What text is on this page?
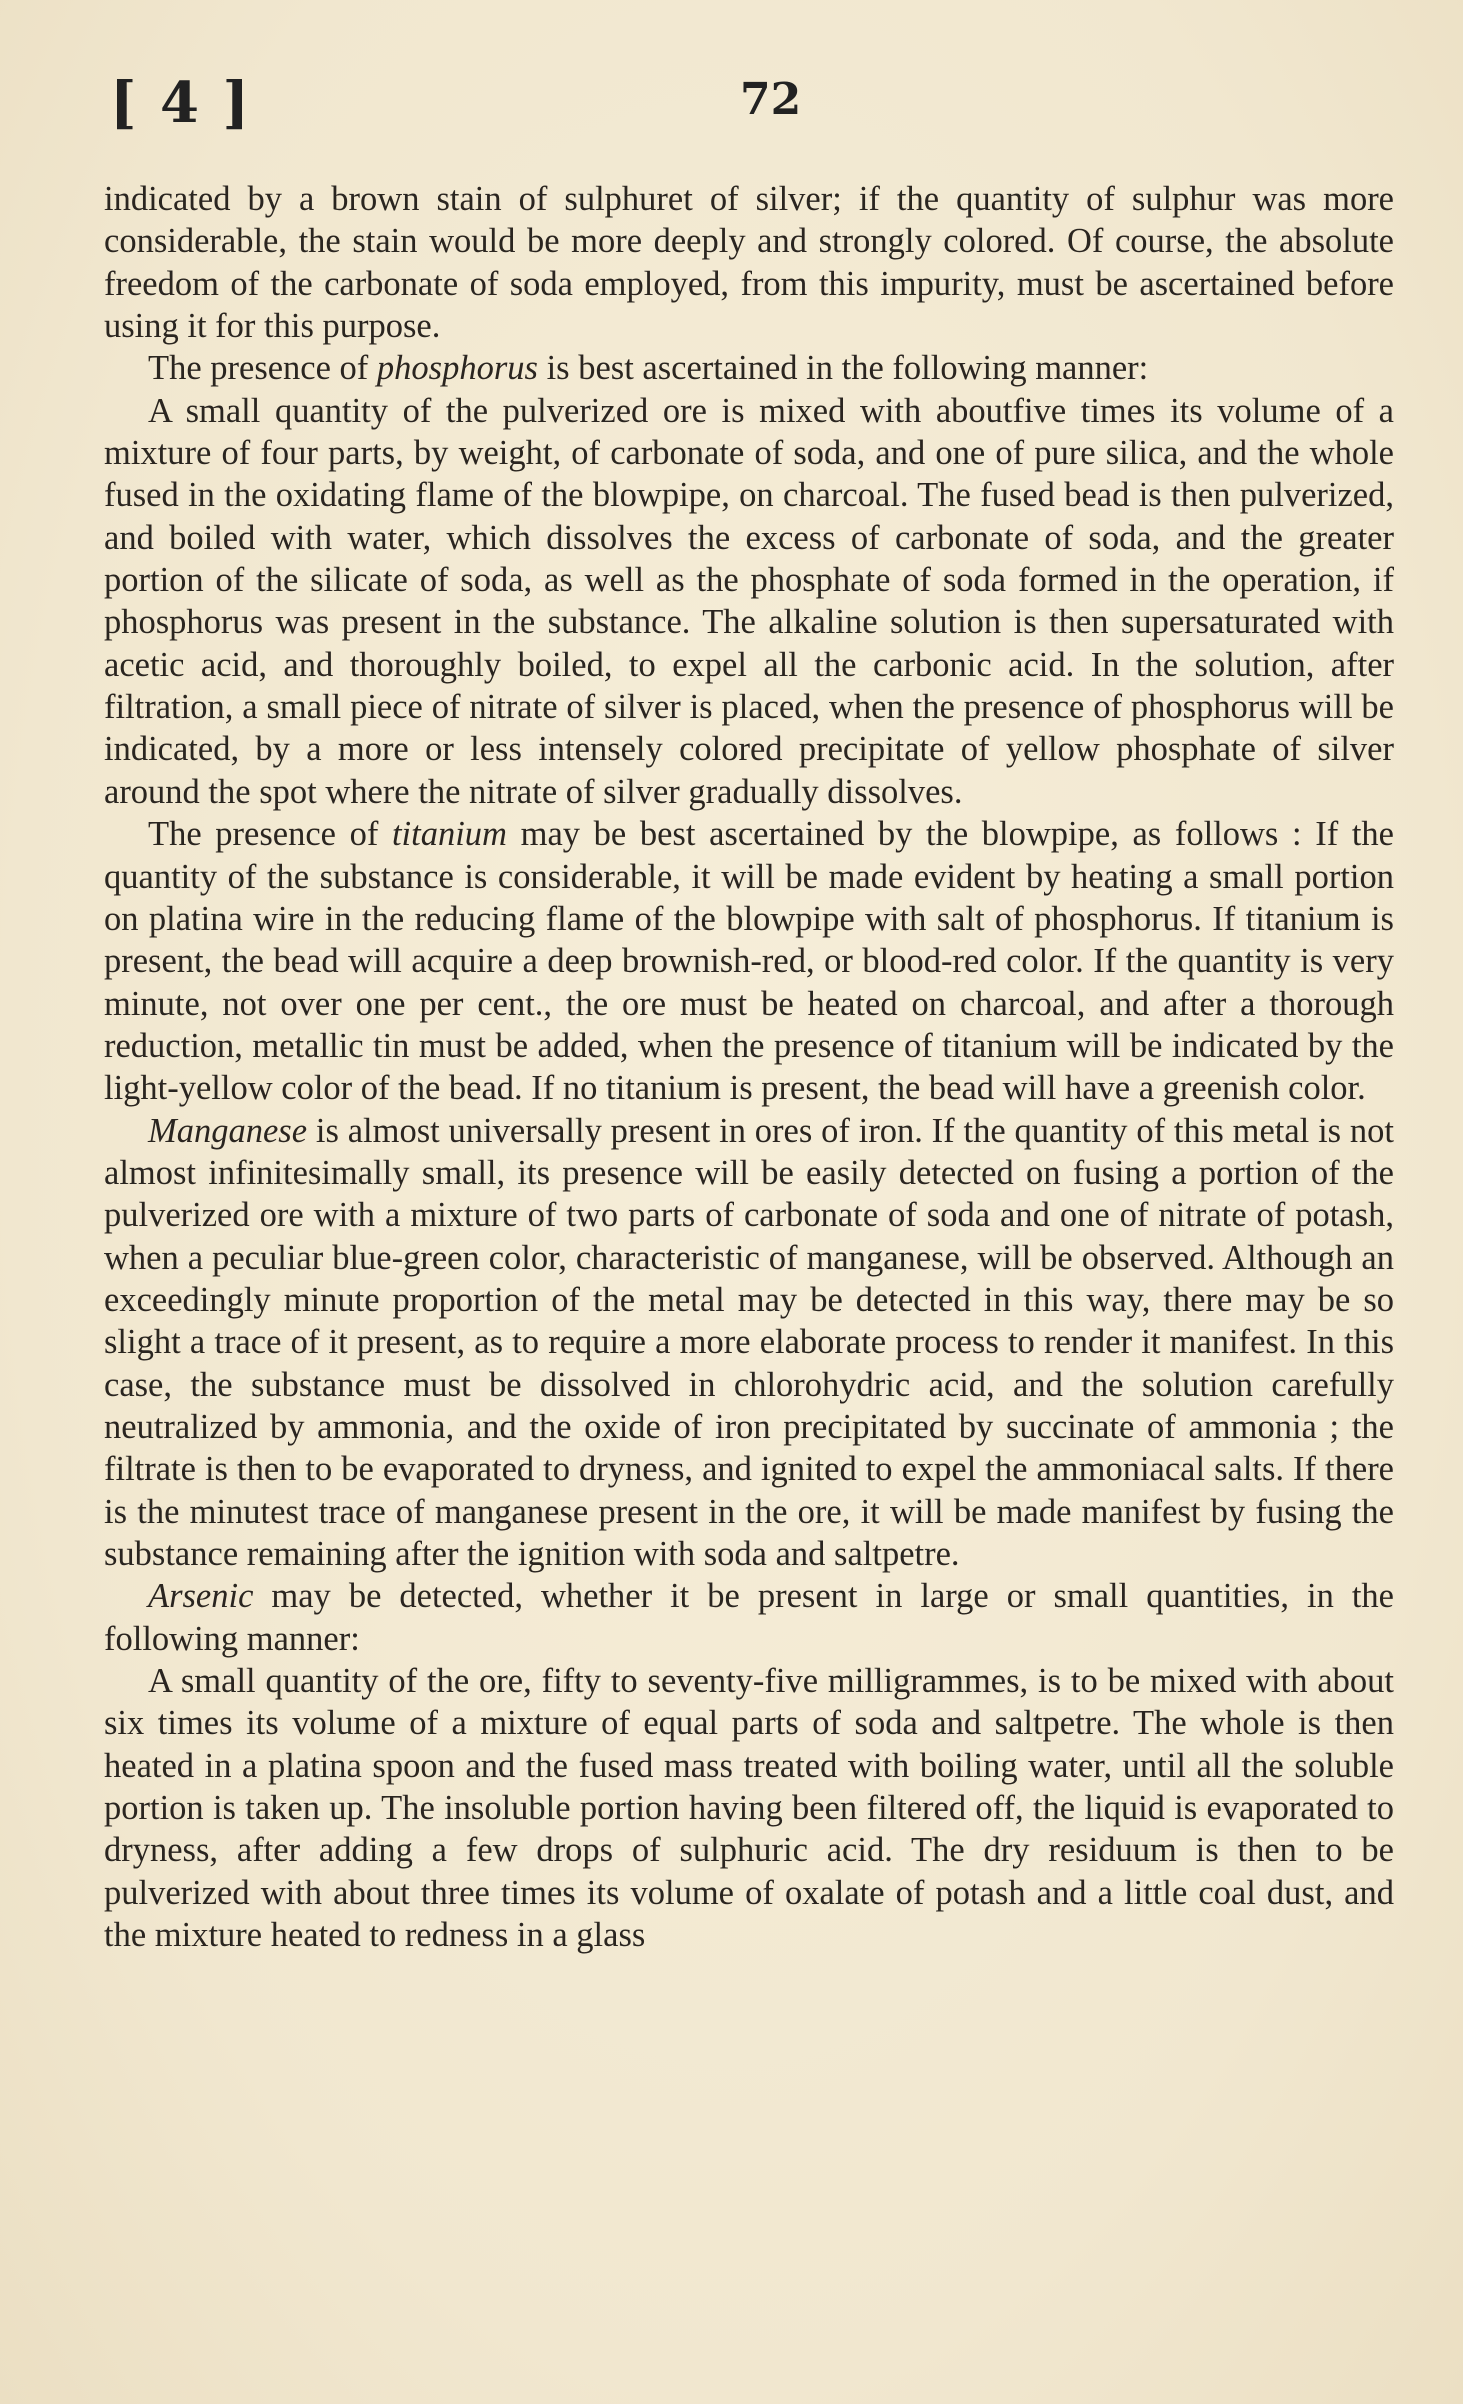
[ 4 ]	72

indicated by a brown stain of sulphuret of silver; if the quantity of sulphur was more considerable, the stain would be more deeply and strongly colored. Of course, the absolute freedom of the carbonate of soda employed, from this impurity, must be ascertained before using it for this purpose.

The presence of phosphorus is best ascertained in the following manner:

A small quantity of the pulverized ore is mixed with aboutfive times its volume of a mixture of four parts, by weight, of carbonate of soda, and one of pure silica, and the whole fused in the oxidating flame of the blowpipe, on charcoal. The fused bead is then pulverized, and boiled with water, which dissolves the excess of carbonate of soda, and the greater portion of the silicate of soda, as well as the phosphate of soda formed in the operation, if phosphorus was present in the substance. The alkaline solution is then supersaturated with acetic acid, and thoroughly boiled, to expel all the carbonic acid. In the solution, after filtration, a small piece of nitrate of silver is placed, when the presence of phosphorus will be indicated, by a more or less intensely colored precipitate of yellow phosphate of silver around the spot where the nitrate of silver gradually dissolves.

The presence of titanium may be best ascertained by the blowpipe, as follows : If the quantity of the substance is considerable, it will be made evident by heating a small portion on platina wire in the reducing flame of the blowpipe with salt of phosphorus. If titanium is present, the bead will acquire a deep brownish-red, or blood-red color. If the quantity is very minute, not over one per cent., the ore must be heated on charcoal, and after a thorough reduction, metallic tin must be added, when the presence of titanium will be indicated by the light-yellow color of the bead. If no titanium is present, the bead will have a greenish color.

Manganese is almost universally present in ores of iron. If the quantity of this metal is not almost infinitesimally small, its presence will be easily detected on fusing a portion of the pulverized ore with a mixture of two parts of carbonate of soda and one of nitrate of potash, when a peculiar blue-green color, characteristic of manganese, will be observed. Although an exceedingly minute proportion of the metal may be detected in this way, there may be so slight a trace of it present, as to require a more elaborate process to render it manifest. In this case, the substance must be dissolved in chlorohydric acid, and the solution carefully neutralized by ammonia, and the oxide of iron precipitated by succinate of ammonia ; the filtrate is then to be evaporated to dryness, and ignited to expel the ammoniacal salts. If there is the minutest trace of manganese present in the ore, it will be made manifest by fusing the substance remaining after the ignition with soda and saltpetre.

Arsenic may be detected, whether it be present in large or small quantities, in the following manner:

A small quantity of the ore, fifty to seventy-five milligrammes, is to be mixed with about six times its volume of a mixture of equal parts of soda and saltpetre. The whole is then heated in a platina spoon and the fused mass treated with boiling water, until all the soluble portion is taken up. The insoluble portion having been filtered off, the liquid is evaporated to dryness, after adding a few drops of sulphuric acid. The dry residuum is then to be pulverized with about three times its volume of oxalate of potash and a little coal dust, and the mixture heated to redness in a glass
